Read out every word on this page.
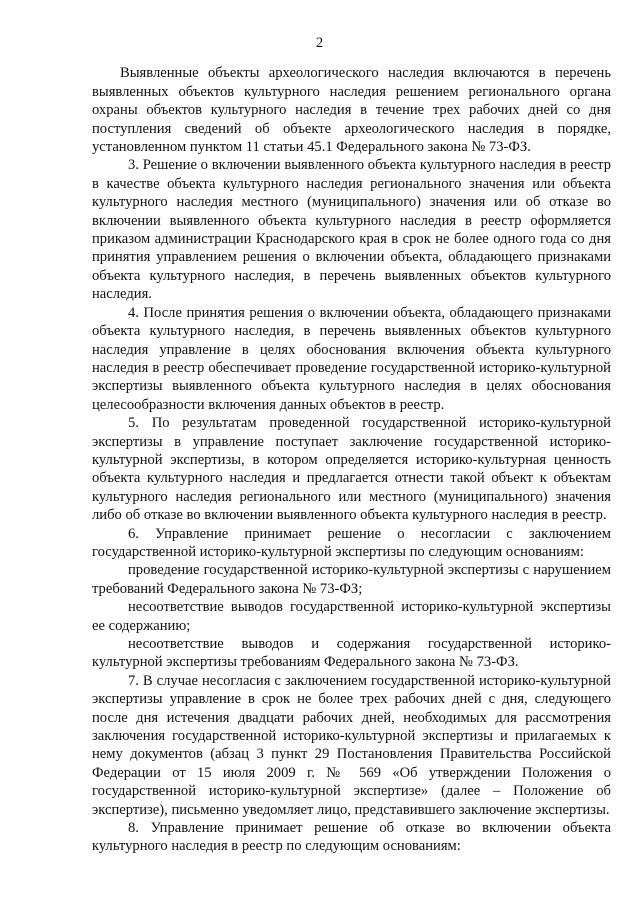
2

Выявленные объекты археологического наследия включаются в перечень выявленных объектов культурного наследия решением регионального органа охраны объектов культурного наследия в течение трех рабочих дней со дня поступления сведений об объекте археологического наследия в порядке, установленном пунктом 11 статьи 45.1 Федерального закона № 73-ФЗ.

3. Решение о включении выявленного объекта культурного наследия в реестр в качестве объекта культурного наследия регионального значения или объекта культурного наследия местного (муниципального) значения или об отказе во включении выявленного объекта культурного наследия в реестр оформляется приказом администрации Краснодарского края в срок не более одного года со дня принятия управлением решения о включении объекта, обладающего признаками объекта культурного наследия, в перечень выявленных объектов культурного наследия.

4. После принятия решения о включении объекта, обладающего признаками объекта культурного наследия, в перечень выявленных объектов культурного наследия управление в целях обоснования включения объекта культурного наследия в реестр обеспечивает проведение государственной историко-культурной экспертизы выявленного объекта культурного наследия в целях обоснования целесообразности включения данных объектов в реестр.

5. По результатам проведенной государственной историко-культурной экспертизы в управление поступает заключение государственной историко-культурной экспертизы, в котором определяется историко-культурная ценность объекта культурного наследия и предлагается отнести такой объект к объектам культурного наследия регионального или местного (муниципального) значения либо об отказе во включении выявленного объекта культурного наследия в реестр.

6. Управление принимает решение о несогласии с заключением государственной историко-культурной экспертизы по следующим основаниям:

проведение государственной историко-культурной экспертизы с нарушением требований Федерального закона № 73-ФЗ;

несоответствие выводов государственной историко-культурной экспертизы ее содержанию;

несоответствие выводов и содержания государственной историко-культурной экспертизы требованиям Федерального закона № 73-ФЗ.

7. В случае несогласия с заключением государственной историко-культурной экспертизы управление в срок не более трех рабочих дней с дня, следующего после дня истечения двадцати рабочих дней, необходимых для рассмотрения заключения государственной историко-культурной экспертизы и прилагаемых к нему документов (абзац 3 пункт 29 Постановления Правительства Российской Федерации от 15 июля 2009 г. № 569 «Об утверждении Положения о государственной историко-культурной экспертизе» (далее – Положение об экспертизе), письменно уведомляет лицо, представившего заключение экспертизы.

8. Управление принимает решение об отказе во включении объекта культурного наследия в реестр по следующим основаниям:
